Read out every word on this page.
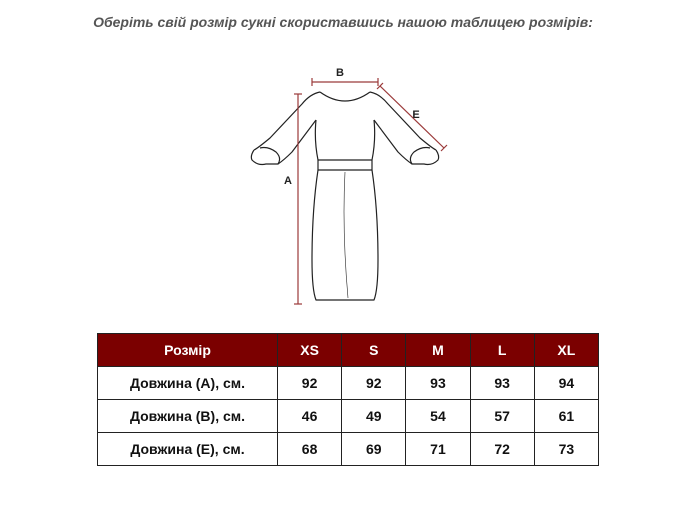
Оберіть свій розмір сукні скориставшись нашою таблицею розмірів:
B
E
A
Розмір	XS	S	M	L	XL
Довжина (А), см.	92	92	93	93	94
Довжина (B), см.	46	49	54	57	61
Довжина (E), см.	68	69	71	72	73
